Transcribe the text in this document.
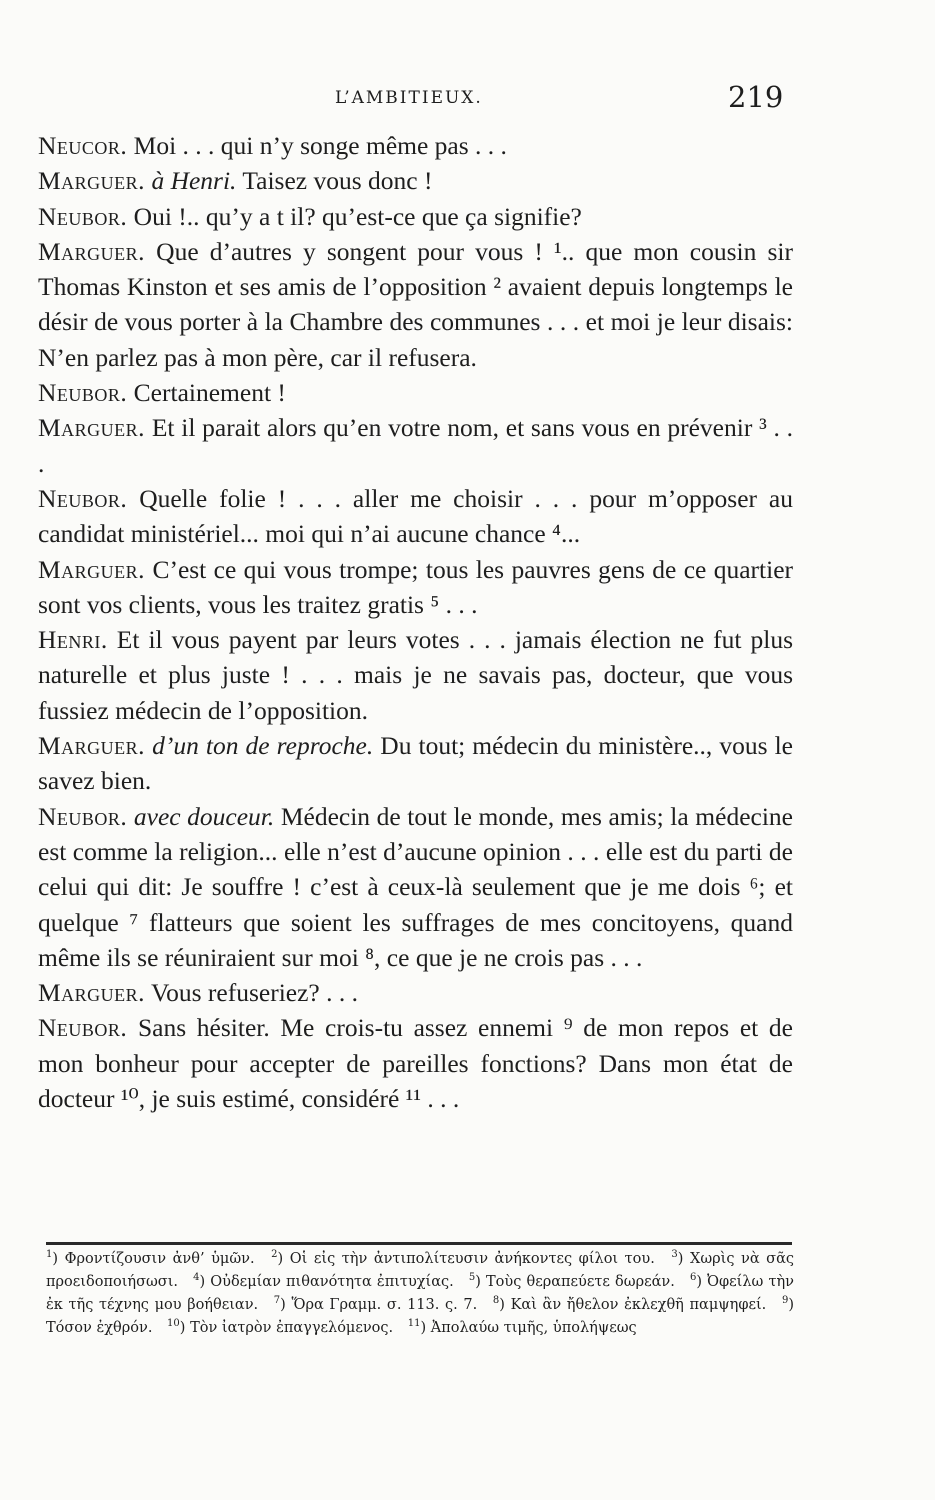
L’AMBITIEUX.	219

Neucor. Moi . . . qui n’y songe même pas . . .

Marguer. à Henri. Taisez vous donc !

Neubor. Oui !.. qu’y a t il? qu’est-ce que ça signifie?

Marguer. Que d’autres y songent pour vous ! ¹.. que mon cousin sir Thomas Kinston et ses amis de l’opposition ² avaient depuis longtemps le désir de vous porter à la Chambre des communes . . . et moi je leur disais: N’en parlez pas à mon père, car il refusera.

Neubor. Certainement !

Marguer. Et il parait alors qu’en votre nom, et sans vous en prévenir ³ . . .

Neubor. Quelle folie ! . . . aller me choisir . . . pour m’opposer au candidat ministériel... moi qui n’ai aucune chance ⁴...

Marguer. C’est ce qui vous trompe; tous les pauvres gens de ce quartier sont vos clients, vous les traitez gratis ⁵ . . .

Henri. Et il vous payent par leurs votes . . . jamais élection ne fut plus naturelle et plus juste ! . . . mais je ne savais pas, docteur, que vous fussiez médecin de l’opposition.

Marguer. d’un ton de reproche. Du tout; médecin du ministère.., vous le savez bien.

Neubor. avec douceur. Médecin de tout le monde, mes amis; la médecine est comme la religion... elle n’est d’aucune opinion . . . elle est du parti de celui qui dit: Je souffre ! c’est à ceux-là seulement que je me dois ⁶; et quelque ⁷ flatteurs que soient les suffrages de mes concitoyens, quand même ils se réuniraient sur moi ⁸, ce que je ne crois pas . . .

Marguer. Vous refuseriez? . . .

Neubor. Sans hésiter. Me crois-tu assez ennemi ⁹ de mon repos et de mon bonheur pour accepter de pareilles fonctions? Dans mon état de docteur ¹⁰, je suis estimé, considéré ¹¹ . . .

$^1$) Φροντίζουσιν ἀνθ’ ὑμῶν. $^2$) Οἱ εἰς τὴν ἀντιπολίτευσιν ἀνήκοντες φίλοι του. $^3$) Χωρὶς νὰ σᾶς προειδοποιήσωσι. $^4$) Οὐδεμίαν πιθανότητα ἐπιτυχίας. $^5$) Τοὺς θεραπεύετε δωρεάν. $^6$) Ὀφείλω τὴν ἐκ τῆς τέχνης μου βοήθειαν. $^7$) Ὅρα Γραμμ. σ. 113. ς. 7. $^8$) Καὶ ἂν ἤθελον ἐκλεχθῆ παμψηφεί. $^9$) Τόσον ἐχθρόν. $^{10}$) Τὸν ἰατρὸν ἐπαγγελόμενος. $^{11}$) Ἀπολαύω τιμῆς, ὑπολήψεως
